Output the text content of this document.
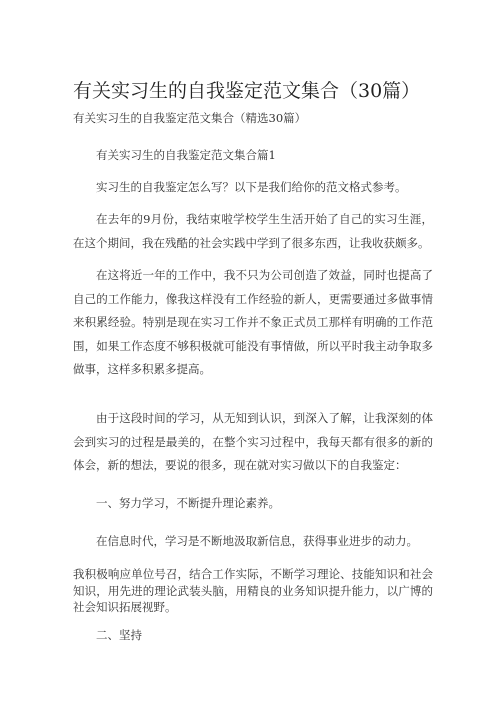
有关实习生的自我鉴定范文集合（30篇）
有关实习生的自我鉴定范文集合（精选30篇）

有关实习生的自我鉴定范文集合篇1

实习生的自我鉴定怎么写？以下是我们给你的范文格式参考。

在去年的9月份，我结束啦学校学生生活开始了自己的实习生涯，在这个期间，我在残酷的社会实践中学到了很多东西，让我收获颇多。

在这将近一年的工作中，我不只为公司创造了效益，同时也提高了自己的工作能力，像我这样没有工作经验的新人，更需要通过多做事情来积累经验。特别是现在实习工作并不象正式员工那样有明确的工作范围，如果工作态度不够积极就可能没有事情做，所以平时我主动争取多做事，这样多积累多提高。

由于这段时间的学习，从无知到认识，到深入了解，让我深刻的体会到实习的过程是最美的，在整个实习过程中，我每天都有很多的新的体会，新的想法，要说的很多，现在就对实习做以下的自我鉴定：

一、努力学习，不断提升理论素养。

在信息时代，学习是不断地汲取新信息，获得事业进步的动力。

我积极响应单位号召，结合工作实际，不断学习理论、技能知识和社会知识，用先进的理论武装头脑，用精良的业务知识提升能力，以广博的社会知识拓展视野。

二、坚持
